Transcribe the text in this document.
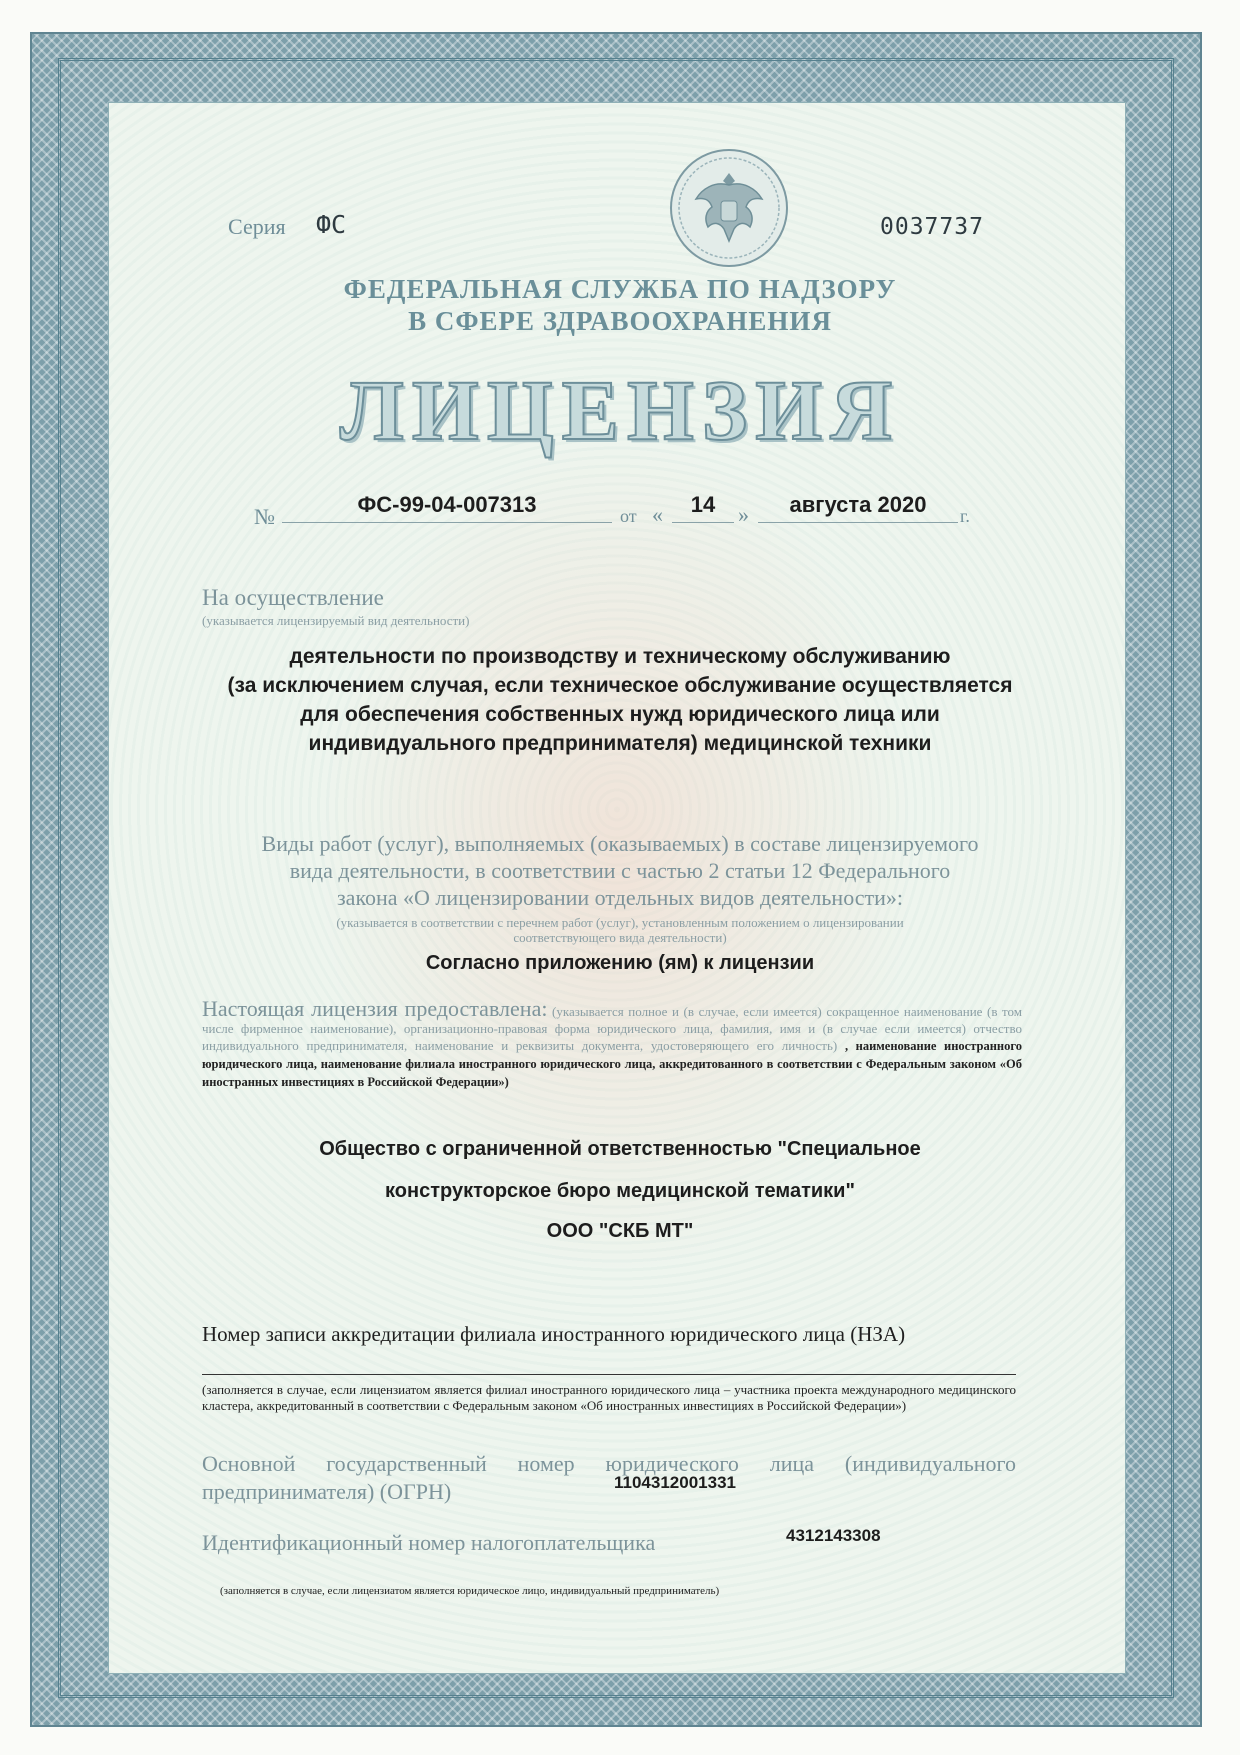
Серия ФС	0037737
ФЕДЕРАЛЬНАЯ СЛУЖБА ПО НАДЗОРУ
В СФЕРЕ ЗДРАВООХРАНЕНИЯ
ЛИЦЕНЗИЯ
№	ФС-99-04-007313	от «	14	»	августа 2020	г.
На осуществление
(указывается лицензируемый вид деятельности)
деятельности по производству и техническому обслуживанию
(за исключением случая, если техническое обслуживание осуществляется
для обеспечения собственных нужд юридического лица или
индивидуального предпринимателя) медицинской техники
Виды работ (услуг), выполняемых (оказываемых) в составе лицензируемого
вида деятельности, в соответствии с частью 2 статьи 12 Федерального
закона «О лицензировании отдельных видов деятельности»:
(указывается в соответствии с перечнем работ (услуг), установленным положением о лицензировании
соответствующего вида деятельности)
Согласно приложению (ям) к лицензии
Настоящая лицензия предоставлена: (указывается полное и (в случае, если имеется) сокращенное наименование (в том числе фирменное наименование), организационно-правовая форма юридического лица, фамилия, имя и (в случае если имеется) отчество индивидуального предпринимателя, наименование и реквизиты документа, удостоверяющего его личность) , наименование иностранного юридического лица, наименование филиала иностранного юридического лица, аккредитованного в соответствии с Федеральным законом «Об иностранных инвестициях в Российской Федерации»)
Общество с ограниченной ответственностью "Специальное
конструкторское бюро медицинской тематики"
ООО "СКБ МТ"
Номер записи аккредитации филиала иностранного юридического лица (НЗА)
(заполняется в случае, если лицензиатом является филиал иностранного юридического лица – участника проекта международного медицинского кластера, аккредитованный в соответствии с Федеральным законом «Об иностранных инвестициях в Российской Федерации»)
Основной государственный номер юридического лица (индивидуального предпринимателя) (ОГРН)	1104312001331
Идентификационный номер налогоплательщика	4312143308
(заполняется в случае, если лицензиатом является юридическое лицо, индивидуальный предприниматель)
